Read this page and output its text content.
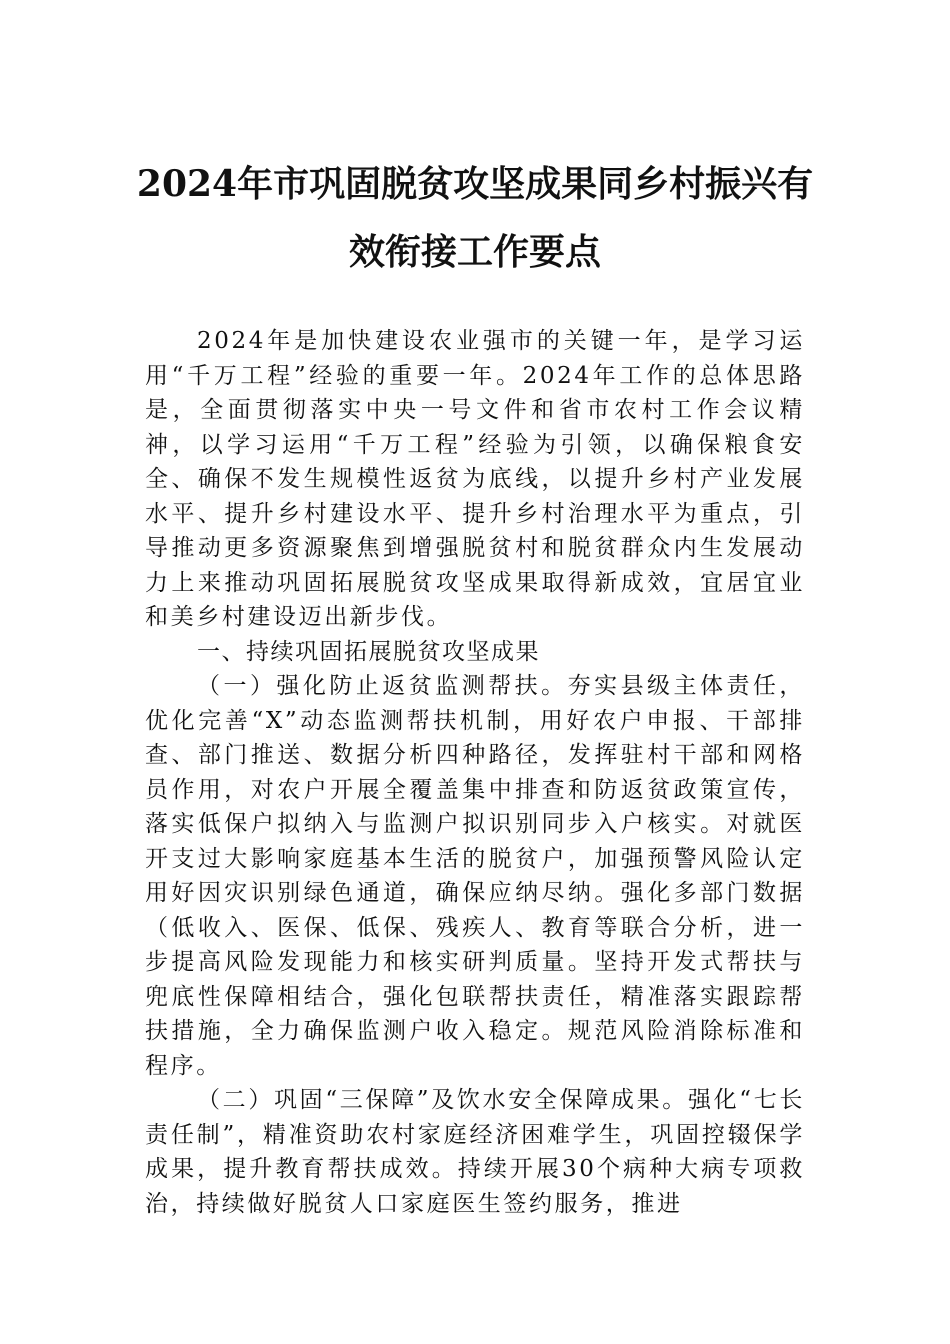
2024年市巩固脱贫攻坚成果同乡村振兴有
效衔接工作要点

2024年是加快建设农业强市的关键一年，是学习运用“千万工程”经验的重要一年。2024年工作的总体思路是，全面贯彻落实中央一号文件和省市农村工作会议精神，以学习运用“千万工程”经验为引领，以确保粮食安全、确保不发生规模性返贫为底线，以提升乡村产业发展水平、提升乡村建设水平、提升乡村治理水平为重点，引导推动更多资源聚焦到增强脱贫村和脱贫群众内生发展动力上来推动巩固拓展脱贫攻坚成果取得新成效，宜居宜业和美乡村建设迈出新步伐。

一、持续巩固拓展脱贫攻坚成果

（一）强化防止返贫监测帮扶。夯实县级主体责任，优化完善“X”动态监测帮扶机制，用好农户申报、干部排查、部门推送、数据分析四种路径，发挥驻村干部和网格员作用，对农户开展全覆盖集中排查和防返贫政策宣传，落实低保户拟纳入与监测户拟识别同步入户核实。对就医开支过大影响家庭基本生活的脱贫户，加强预警风险认定用好因灾识别绿色通道，确保应纳尽纳。强化多部门数据（低收入、医保、低保、残疾人、教育等联合分析，进一步提高风险发现能力和核实研判质量。坚持开发式帮扶与兜底性保障相结合，强化包联帮扶责任，精准落实跟踪帮扶措施，全力确保监测户收入稳定。规范风险消除标准和程序。

（二）巩固“三保障”及饮水安全保障成果。强化“七长责任制”，精准资助农村家庭经济困难学生，巩固控辍保学成果，提升教育帮扶成效。持续开展30个病种大病专项救治，持续做好脱贫人口家庭医生签约服务，推进
